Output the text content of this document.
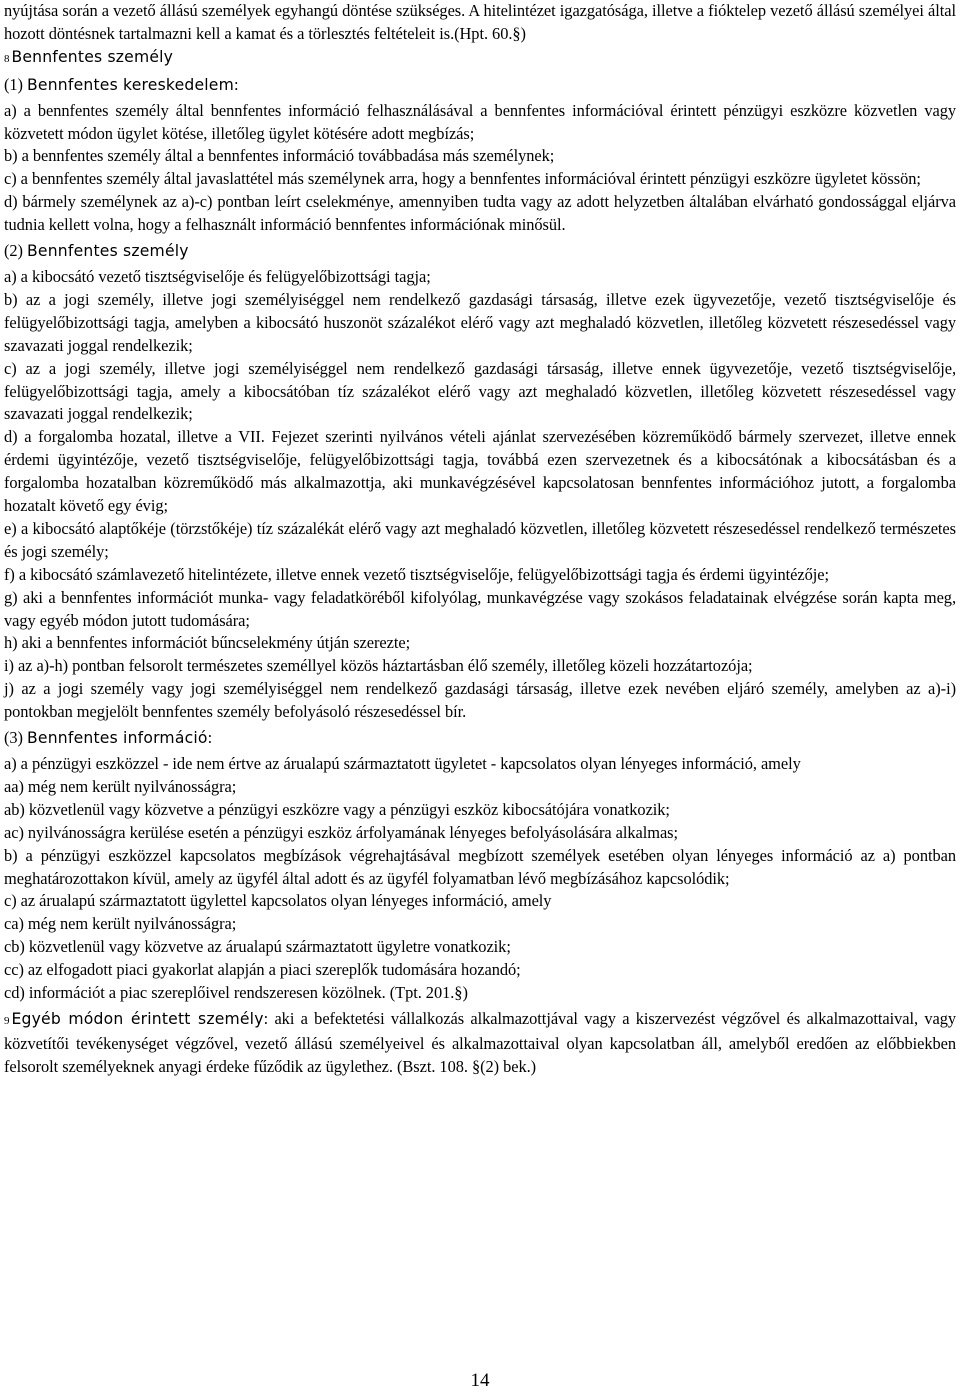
nyújtása során a vezető állású személyek egyhangú döntése szükséges. A hitelintézet igazgatósága, illetve a fióktelep vezető állású személyei által hozott döntésnek tartalmazni kell a kamat és a törlesztés feltételeit is.(Hpt. 60.§)

8 Bennfentes személy

(1) Bennfentes kereskedelem:

a) a bennfentes személy által bennfentes információ felhasználásával a bennfentes információval érintett pénzügyi eszközre közvetlen vagy közvetett módon ügylet kötése, illetőleg ügylet kötésére adott megbízás;

b) a bennfentes személy által a bennfentes információ továbbadása más személynek;

c) a bennfentes személy által javaslattétel más személynek arra, hogy a bennfentes információval érintett pénzügyi eszközre ügyletet kössön;

d) bármely személynek az a)-c) pontban leírt cselekménye, amennyiben tudta vagy az adott helyzetben általában elvárható gondossággal eljárva tudnia kellett volna, hogy a felhasznált információ bennfentes információnak minősül.

(2) Bennfentes személy

a) a kibocsátó vezető tisztségviselője és felügyelőbizottsági tagja;

b) az a jogi személy, illetve jogi személyiséggel nem rendelkező gazdasági társaság, illetve ezek ügyvezetője, vezető tisztségviselője és felügyelőbizottsági tagja, amelyben a kibocsátó huszonöt százalékot elérő vagy azt meghaladó közvetlen, illetőleg közvetett részesedéssel vagy szavazati joggal rendelkezik;

c) az a jogi személy, illetve jogi személyiséggel nem rendelkező gazdasági társaság, illetve ennek ügyvezetője, vezető tisztségviselője, felügyelőbizottsági tagja, amely a kibocsátóban tíz százalékot elérő vagy azt meghaladó közvetlen, illetőleg közvetett részesedéssel vagy szavazati joggal rendelkezik;

d) a forgalomba hozatal, illetve a VII. Fejezet szerinti nyilvános vételi ajánlat szervezésében közreműködő bármely szervezet, illetve ennek érdemi ügyintézője, vezető tisztségviselője, felügyelőbizottsági tagja, továbbá ezen szervezetnek és a kibocsátónak a kibocsátásban és a forgalomba hozatalban közreműködő más alkalmazottja, aki munkavégzésével kapcsolatosan bennfentes információhoz jutott, a forgalomba hozatalt követő egy évig;

e) a kibocsátó alaptőkéje (törzstőkéje) tíz százalékát elérő vagy azt meghaladó közvetlen, illetőleg közvetett részesedéssel rendelkező természetes és jogi személy;

f) a kibocsátó számlavezető hitelintézete, illetve ennek vezető tisztségviselője, felügyelőbizottsági tagja és érdemi ügyintézője;

g) aki a bennfentes információt munka- vagy feladatköréből kifolyólag, munkavégzése vagy szokásos feladatainak elvégzése során kapta meg, vagy egyéb módon jutott tudomására;

h) aki a bennfentes információt bűncselekmény útján szerezte;

i) az a)-h) pontban felsorolt természetes személlyel közös háztartásban élő személy, illetőleg közeli hozzátartozója;

j) az a jogi személy vagy jogi személyiséggel nem rendelkező gazdasági társaság, illetve ezek nevében eljáró személy, amelyben az a)-i) pontokban megjelölt bennfentes személy befolyásoló részesedéssel bír.

(3) Bennfentes információ:

a) a pénzügyi eszközzel - ide nem értve az árualapú származtatott ügyletet - kapcsolatos olyan lényeges információ, amely

aa) még nem került nyilvánosságra;

ab) közvetlenül vagy közvetve a pénzügyi eszközre vagy a pénzügyi eszköz kibocsátójára vonatkozik;

ac) nyilvánosságra kerülése esetén a pénzügyi eszköz árfolyamának lényeges befolyásolására alkalmas;

b) a pénzügyi eszközzel kapcsolatos megbízások végrehajtásával megbízott személyek esetében olyan lényeges információ az a) pontban meghatározottakon kívül, amely az ügyfél által adott és az ügyfél folyamatban lévő megbízásához kapcsolódik;

c) az árualapú származtatott ügylettel kapcsolatos olyan lényeges információ, amely

ca) még nem került nyilvánosságra;

cb) közvetlenül vagy közvetve az árualapú származtatott ügyletre vonatkozik;

cc) az elfogadott piaci gyakorlat alapján a piaci szereplők tudomására hozandó;

cd) információt a piac szereplőivel rendszeresen közölnek. (Tpt. 201.§)

9 Egyéb módon érintett személy: aki a befektetési vállalkozás alkalmazottjával vagy a kiszervezést végzővel és alkalmazottaival, vagy közvetítői tevékenységet végzővel, vezető állású személyeivel és alkalmazottaival olyan kapcsolatban áll, amelyből eredően az előbbiekben felsorolt személyeknek anyagi érdeke fűződik az ügylethez. (Bszt. 108. §(2) bek.)

14
